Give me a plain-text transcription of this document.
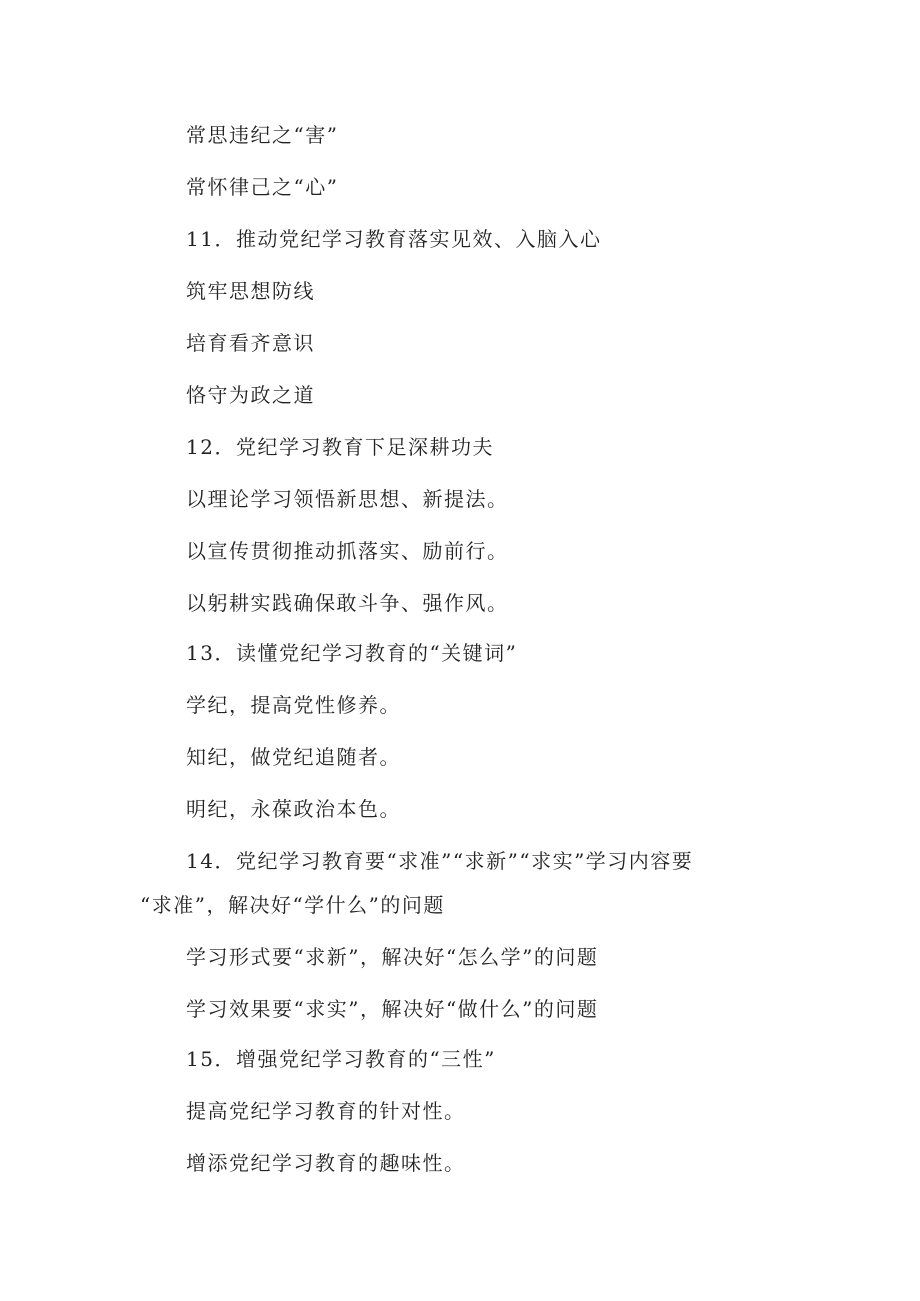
常思违纪之“害”
常怀律己之“心”
11．推动党纪学习教育落实见效、入脑入心
筑牢思想防线
培育看齐意识
恪守为政之道
12．党纪学习教育下足深耕功夫
以理论学习领悟新思想、新提法。
以宣传贯彻推动抓落实、励前行。
以躬耕实践确保敢斗争、强作风。
13．读懂党纪学习教育的“关键词”
学纪，提高党性修养。
知纪，做党纪追随者。
明纪，永葆政治本色。
14．党纪学习教育要“求准”“求新”“求实”学习内容要
“求准”，解决好“学什么”的问题
学习形式要“求新”，解决好“怎么学”的问题
学习效果要“求实”，解决好“做什么”的问题
15．增强党纪学习教育的“三性”
提高党纪学习教育的针对性。
增添党纪学习教育的趣味性。
